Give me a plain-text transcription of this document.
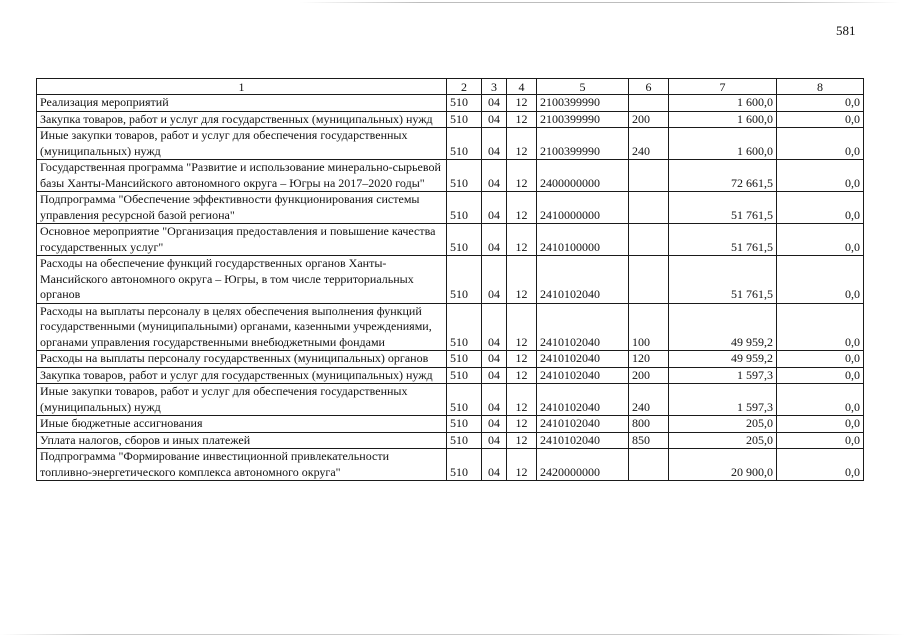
581
1	2	3	4	5	6	7	8
Реализация мероприятий	510	04	12	2100399990		1 600,0	0,0
Закупка товаров, работ и услуг для государственных (муниципальных) нужд	510	04	12	2100399990	200	1 600,0	0,0
Иные закупки товаров, работ и услуг для обеспечения государственных (муниципальных) нужд	510	04	12	2100399990	240	1 600,0	0,0
Государственная программа "Развитие и использование минерально-сырьевой базы Ханты-Мансийского автономного округа – Югры на 2017–2020 годы"	510	04	12	2400000000		72 661,5	0,0
Подпрограмма "Обеспечение эффективности функционирования системы управления ресурсной базой региона"	510	04	12	2410000000		51 761,5	0,0
Основное мероприятие "Организация предоставления и повышение качества государственных услуг"	510	04	12	2410100000		51 761,5	0,0
Расходы на обеспечение функций государственных органов Ханты-Мансийского автономного округа – Югры, в том числе территориальных органов	510	04	12	2410102040		51 761,5	0,0
Расходы на выплаты персоналу в целях обеспечения выполнения функций государственными (муниципальными) органами, казенными учреждениями, органами управления государственными внебюджетными фондами	510	04	12	2410102040	100	49 959,2	0,0
Расходы на выплаты персоналу государственных (муниципальных) органов	510	04	12	2410102040	120	49 959,2	0,0
Закупка товаров, работ и услуг для государственных (муниципальных) нужд	510	04	12	2410102040	200	1 597,3	0,0
Иные закупки товаров, работ и услуг для обеспечения государственных (муниципальных) нужд	510	04	12	2410102040	240	1 597,3	0,0
Иные бюджетные ассигнования	510	04	12	2410102040	800	205,0	0,0
Уплата налогов, сборов и иных платежей	510	04	12	2410102040	850	205,0	0,0
Подпрограмма "Формирование инвестиционной привлекательности топливно-энергетического комплекса автономного округа"	510	04	12	2420000000		20 900,0	0,0
